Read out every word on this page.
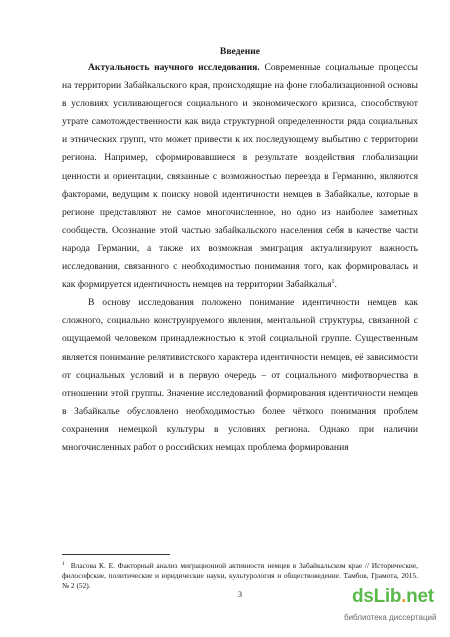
Введение

Актуальность научного исследования. Современные социальные процессы на территории Забайкальского края, происходящие на фоне глобализационной основы в условиях усиливающегося социального и экономического кризиса, способствуют утрате самотождественности как вида структурной определенности ряда социальных и этнических групп, что может привести к их последующему выбытию с территории региона. Например, сформировавшиеся в результате воздействия глобализации ценности и ориентации, связанные с возможностью переезда в Германию, являются факторами, ведущим к поиску новой идентичности немцев в Забайкалье, которые в регионе представляют не самое многочисленное, но одно из наиболее заметных сообществ. Осознание этой частью забайкальского населения себя в качестве части народа Германии, а также их возможная эмиграция актуализируют важность исследования, связанного с необходимостью понимания того, как формировалась и как формируется идентичность немцев на территории Забайкалья$^1$.

В основу исследования положено понимание идентичности немцев как сложного, социально конструируемого явления, ментальной структуры, связанной с ощущаемой человеком принадлежностью к этой социальной группе. Существенным является понимание релятивистского характера идентичности немцев, её зависимости от социальных условий и в первую очередь – от социального мифотворчества в отношении этой группы. Значение исследований формирования идентичности немцев в Забайкалье обусловлено необходимостью более чёткого понимания проблем сохранения немецкой культуры в условиях региона. Однако при наличии многочисленных работ о российских немцах проблема формирования

$^1$ Власова К. Е. Факторный анализ миграционной активности немцев в Забайкальском крае // Исторические, философские, политические и юридические науки, культурология и обществоведение. Тамбов, Грамота, 2015. № 2 (52).
3	dsLib.net
библиотека диссертаций
